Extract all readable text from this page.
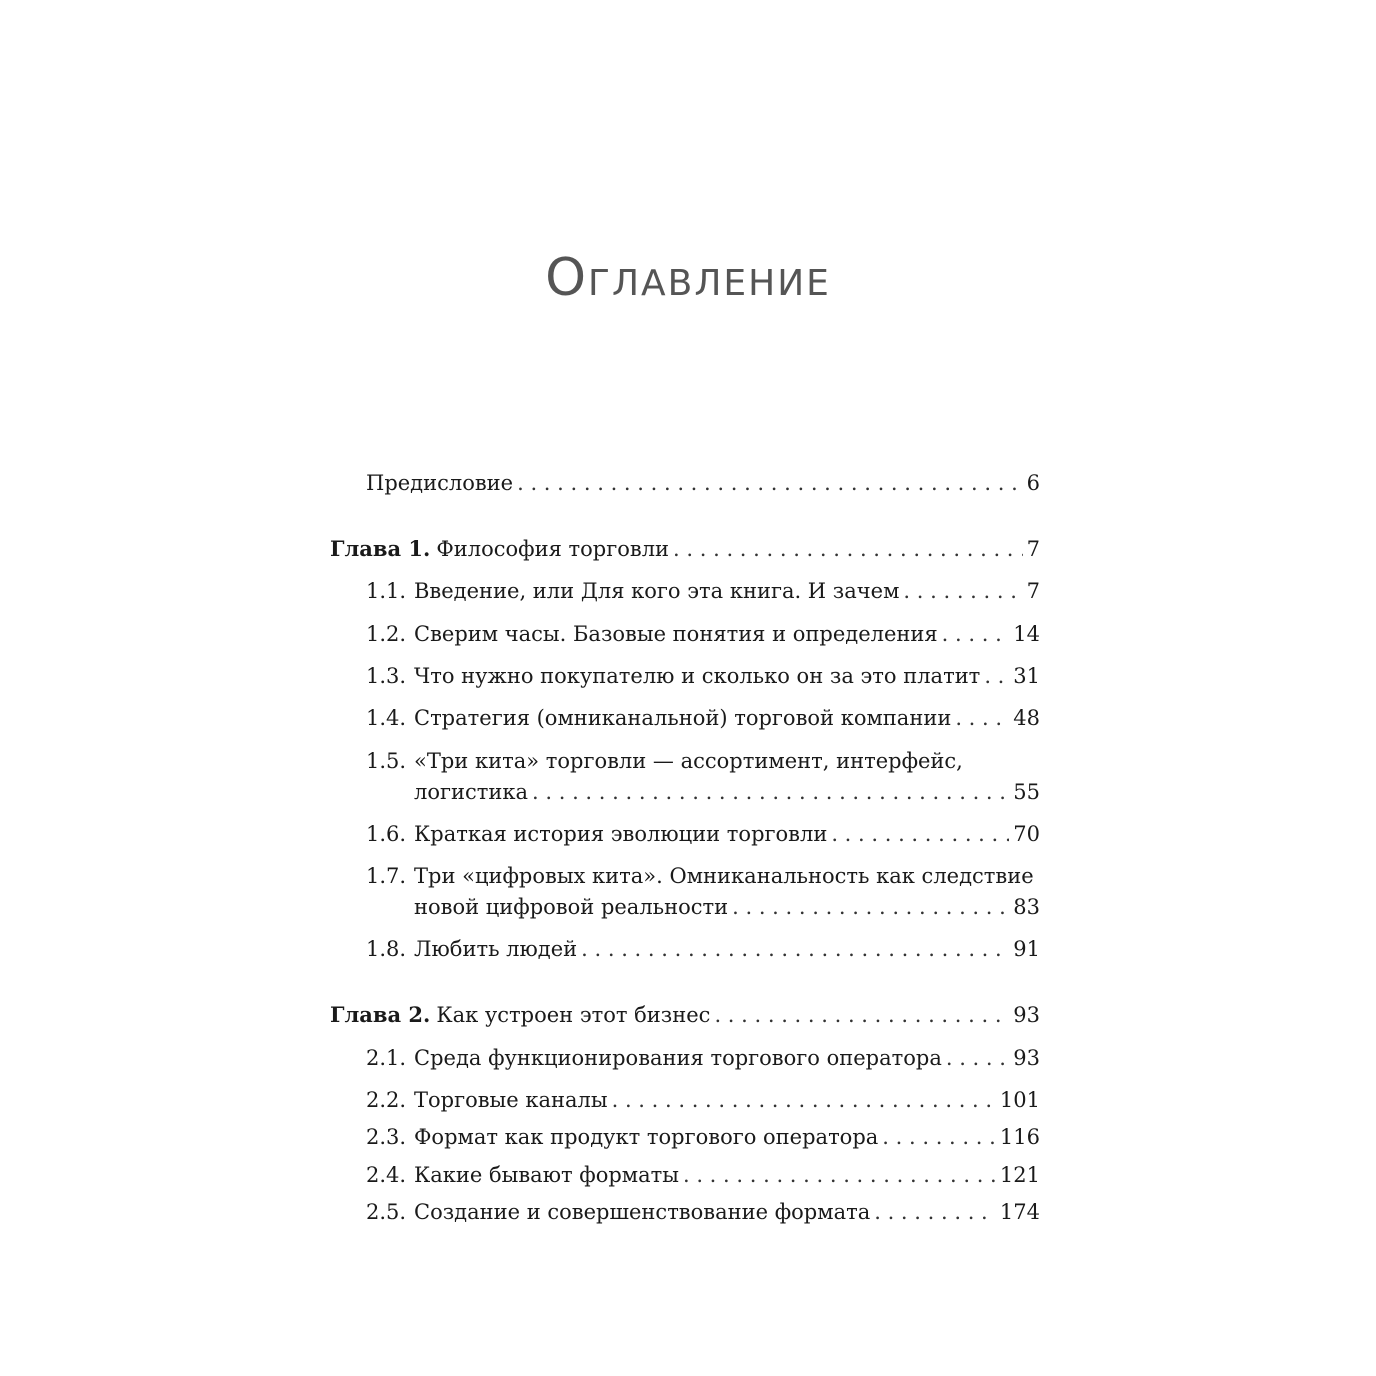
Оглавление
Предисловие . . .	6
Глава 1. Философия торговли . . .	7
1.1. Введение, или Для кого эта книга. И зачем . . .	7
1.2. Сверим часы. Базовые понятия и определения . . .	14
1.3. Что нужно покупателю и сколько он за это платит . . . 31
1.4. Стратегия (омниканальной) торговой компании . . .	48
1.5. «Три кита» торговли — ассортимент, интерфейс,
логистика . . .	55
1.6. Краткая история эволюции торговли . . .	70
1.7. Три «цифровых кита». Омниканальность как следствие
новой цифровой реальности . . .	83
1.8. Любить людей . . .	91
Глава 2. Как устроен этот бизнес . . .	93
2.1. Среда функционирования торгового оператора . . .	93
2.2. Торговые каналы . . .	101
2.3. Формат как продукт торгового оператора . . .	116
2.4. Какие бывают форматы . . .	121
2.5. Создание и совершенствование формата . . .	174
